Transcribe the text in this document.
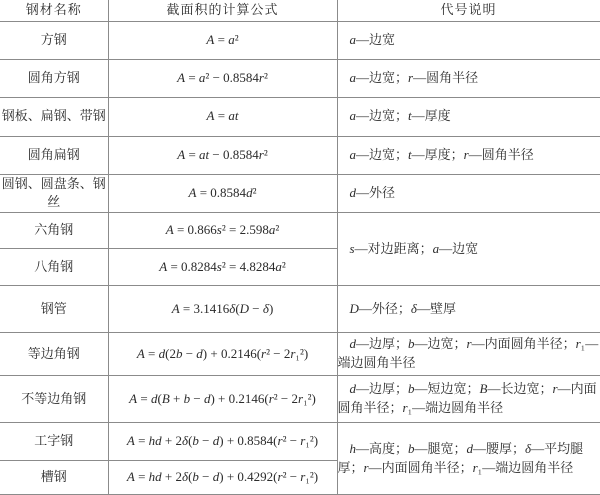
钢材名称	截面积的计算公式	代号说明
方钢	A = a²	a—边宽
圆角方钢	A = a² − 0.8584r²	a—边宽；r—圆角半径
钢板、扁钢、带钢	A = at	a—边宽；t—厚度
圆角扁钢	A = at − 0.8584r²	a—边宽；t—厚度；r—圆角半径
圆钢、圆盘条、钢丝	A = 0.8584d²	d—外径
六角钢	A = 0.866s² = 2.598a²	s—对边距离；a—边宽
八角钢	A = 0.8284s² = 4.8284a²	
钢管	A = 3.1416δ(D − δ)	D—外径；δ—壁厚
等边角钢	A = d(2b − d) + 0.2146(r² − 2r₁²)	d—边厚；b—边宽；r—内面圆角半径；r₁—端边圆角半径
不等边角钢	A = d(B + b − d) + 0.2146(r² − 2r₁²)	d—边厚；b—短边宽；B—长边宽；r—内面圆角半径；r₁—端边圆角半径
工字钢	A = hd + 2δ(b − d) + 0.8584(r² − r₁²)	h—高度；b—腿宽；d—腰厚；δ—平均腿厚；r—内面圆角半径；r₁—端边圆角半径
槽钢	A = hd + 2δ(b − d) + 0.4292(r² − r₁²)	
